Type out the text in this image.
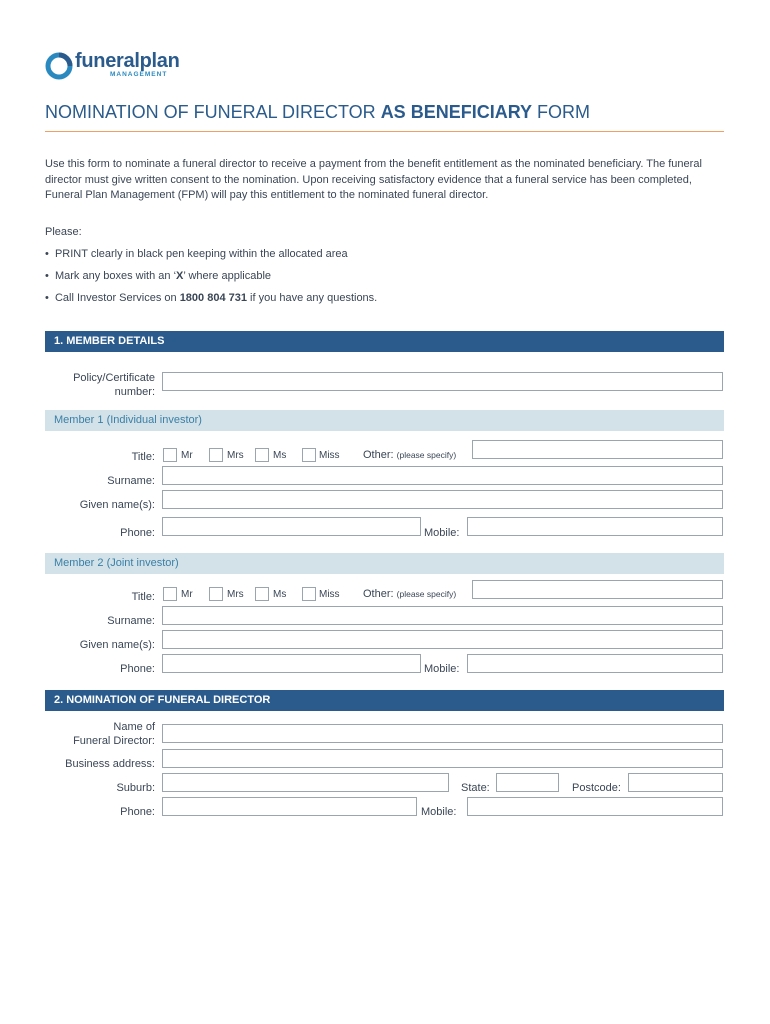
funeralplan
MANAGEMENT
NOMINATION OF FUNERAL DIRECTOR AS BENEFICIARY FORM
Use this form to nominate a funeral director to receive a payment from the benefit entitlement as the nominated beneficiary. The funeral director must give written consent to the nomination. Upon receiving satisfactory evidence that a funeral service has been completed, Funeral Plan Management (FPM) will pay this entitlement to the nominated funeral director.
Please:
•  PRINT clearly in black pen keeping within the allocated area
•  Mark any boxes with an ‘X’ where applicable
•  Call Investor Services on 1800 804 731 if you have any questions.
1. MEMBER DETAILS
Policy/Certificate
number:
Member 1 (Individual investor)
Title:	Mr	Mrs	Ms	Miss Other: (please specify)
Surname:
Given name(s):
Phone:	Mobile:
Member 2 (Joint investor)
Title:	Mr	Mrs	Ms	Miss Other: (please specify)
Surname:
Given name(s):
Phone:	Mobile:
2. NOMINATION OF FUNERAL DIRECTOR
Name of
Funeral Director:
Business address:
Suburb:	State:	Postcode:
Phone:	Mobile:
